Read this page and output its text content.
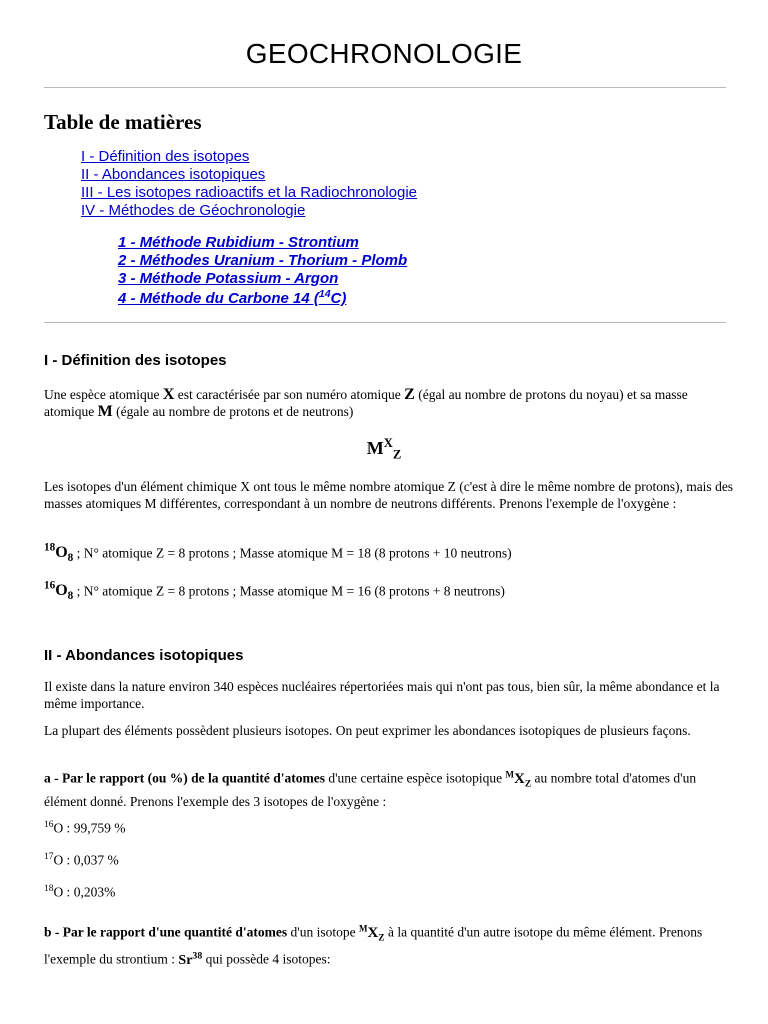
GEOCHRONOLOGIE
Table de matières
I - Définition des isotopes
II - Abondances isotopiques
III - Les isotopes radioactifs et la Radiochronologie
IV - Méthodes de Géochronologie
1 - Méthode Rubidium - Strontium
2 - Méthodes Uranium - Thorium - Plomb
3 - Méthode Potassium - Argon
4 - Méthode du Carbone 14 ($^{14}$C)
I - Définition des isotopes

Une espèce atomique X est caractérisée par son numéro atomique Z (égal au nombre de protons du noyau) et sa masse atomique M (égale au nombre de protons et de neutrons)

$M^X_Z$

Les isotopes d'un élément chimique X ont tous le même nombre atomique Z (c'est à dire le même nombre de protons), mais des masses atomiques M différentes, correspondant à un nombre de neutrons différents. Prenons l'exemple de l'oxygène :

$^{18}O_8$ ; N° atomique Z = 8 protons ; Masse atomique M = 18 (8 protons + 10 neutrons)
$^{16}O_8$ ; N° atomique Z = 8 protons ; Masse atomique M = 16 (8 protons + 8 neutrons)
II - Abondances isotopiques

Il existe dans la nature environ 340 espèces nucléaires répertoriées mais qui n'ont pas tous, bien sûr, la même abondance et la même importance.

La plupart des éléments possèdent plusieurs isotopes. On peut exprimer les abondances isotopiques de plusieurs façons.

a - Par le rapport (ou %) de la quantité d'atomes d'une certaine espèce isotopique $^MX_Z$ au nombre total d'atomes d'un élément donné. Prenons l'exemple des 3 isotopes de l'oxygène :

$^{16}$O : 99,759 %
$^{17}$O : 0,037 %
$^{18}$O : 0,203%

b - Par le rapport d'une quantité d'atomes d'un isotope $^MX_Z$ à la quantité d'un autre isotope du même élément. Prenons l'exemple du strontium : Sr$^{38}$ qui possède 4 isotopes:
